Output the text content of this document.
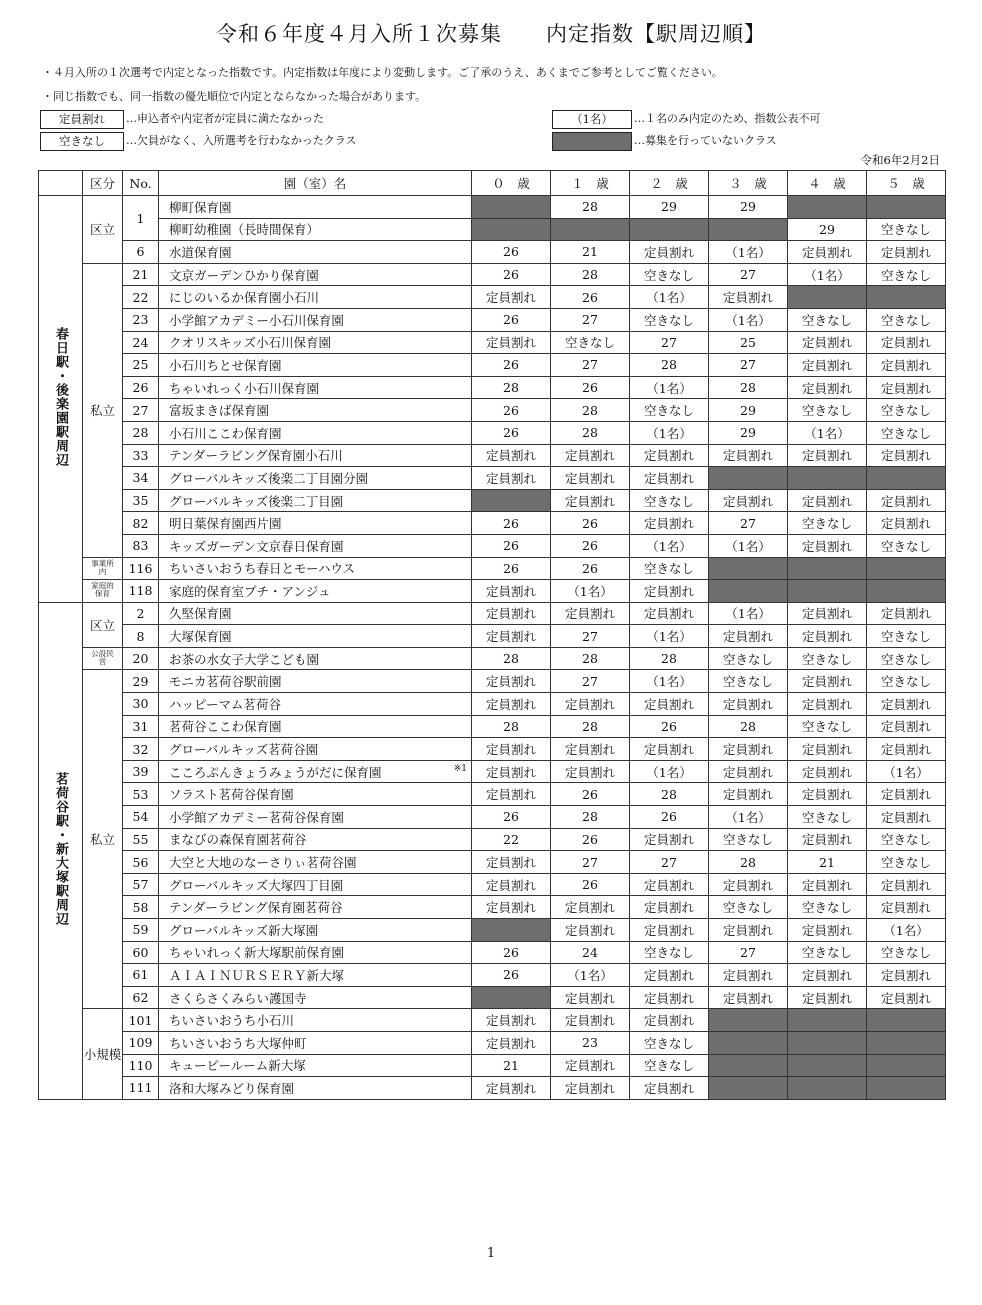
令和６年度４月入所１次募集　　内定指数【駅周辺順】
・４月入所の１次選考で内定となった指数です。内定指数は年度により変動します。ご了承のうえ、あくまでご参考としてご覧ください。
・同じ指数でも、同一指数の優先順位で内定とならなかった場合があります。
定員割れ	…申込者や内定者が定員に満たなかった
空きなし	…欠員がなく、入所選考を行わなかったクラス
（1名）	…１名のみ内定のため、指数公表不可
…募集を行っていないクラス
令和6年2月2日
	区分	No.	園（室）名	０　歳	１　歳	２　歳	３　歳	４　歳	５　歳
春日駅・後楽園駅周辺	区立	1	柳町保育園		28	29	29		
			柳町幼稚園（長時間保育）					29	空きなし
		6	水道保育園	26	21	定員割れ	（1名）	定員割れ	定員割れ
	私立	21	文京ガーデンひかり保育園	26	28	空きなし	27	（1名）	空きなし
		22	にじのいるか保育園小石川	定員割れ	26	（1名）	定員割れ		
		23	小学館アカデミー小石川保育園	26	27	空きなし	（1名）	空きなし	空きなし
		24	クオリスキッズ小石川保育園	定員割れ	空きなし	27	25	定員割れ	定員割れ
		25	小石川ちとせ保育園	26	27	28	27	定員割れ	定員割れ
		26	ちゃいれっく小石川保育園	28	26	（1名）	28	定員割れ	定員割れ
		27	富坂まきば保育園	26	28	空きなし	29	空きなし	空きなし
		28	小石川ここわ保育園	26	28	（1名）	29	（1名）	空きなし
		33	テンダーラビング保育園小石川	定員割れ	定員割れ	定員割れ	定員割れ	定員割れ	定員割れ
		34	グローバルキッズ後楽二丁目園分園	定員割れ	定員割れ	定員割れ			
		35	グローバルキッズ後楽二丁目園		定員割れ	空きなし	定員割れ	定員割れ	定員割れ
		82	明日葉保育園西片園	26	26	定員割れ	27	空きなし	定員割れ
		83	キッズガーデン文京春日保育園	26	26	（1名）	（1名）	定員割れ	空きなし
	事業所内	116	ちいさいおうち春日とモーハウス	26	26	空きなし			
	家庭的保育	118	家庭的保育室プチ・アンジュ	定員割れ	（1名）	定員割れ			
茗荷谷駅・新大塚駅周辺	区立	2	久堅保育園	定員割れ	定員割れ	定員割れ	（1名）	定員割れ	定員割れ
		8	大塚保育園	定員割れ	27	（1名）	定員割れ	定員割れ	空きなし
	公設民営	20	お茶の水女子大学こども園	28	28	28	空きなし	空きなし	空きなし
	私立	29	モニカ茗荷谷駅前園	定員割れ	27	（1名）	空きなし	定員割れ	空きなし
		30	ハッピーマム茗荷谷	定員割れ	定員割れ	定員割れ	定員割れ	定員割れ	定員割れ
		31	茗荷谷ここわ保育園	28	28	26	28	空きなし	定員割れ
		32	グローバルキッズ茗荷谷園	定員割れ	定員割れ	定員割れ	定員割れ	定員割れ	定員割れ
		39	こころぷんきょうみょうがだに保育園 ※1	定員割れ	定員割れ	（1名）	定員割れ	定員割れ	（1名）
		53	ソラスト茗荷谷保育園	定員割れ	26	28	定員割れ	定員割れ	定員割れ
		54	小学館アカデミー茗荷谷保育園	26	28	26	（1名）	空きなし	定員割れ
		55	まなびの森保育園茗荷谷	22	26	定員割れ	空きなし	定員割れ	空きなし
		56	大空と大地のなーさりぃ茗荷谷園	定員割れ	27	27	28	21	空きなし
		57	グローバルキッズ大塚四丁目園	定員割れ	26	定員割れ	定員割れ	定員割れ	定員割れ
		58	テンダーラビング保育園茗荷谷	定員割れ	定員割れ	定員割れ	空きなし	空きなし	定員割れ
		59	グローバルキッズ新大塚園		定員割れ	定員割れ	定員割れ	定員割れ	（1名）
		60	ちゃいれっく新大塚駅前保育園	26	24	空きなし	27	空きなし	空きなし
		61	ＡＩＡＩＮＵＲＳＥＲＹ新大塚	26	（1名）	定員割れ	定員割れ	定員割れ	定員割れ
		62	さくらさくみらい護国寺		定員割れ	定員割れ	定員割れ	定員割れ	定員割れ
	小規模	101	ちいさいおうち小石川	定員割れ	定員割れ	定員割れ			
		109	ちいさいおうち大塚仲町	定員割れ	23	空きなし			
		110	キューピールーム新大塚	21	定員割れ	空きなし			
		111	洛和大塚みどり保育園	定員割れ	定員割れ	定員割れ			
1
